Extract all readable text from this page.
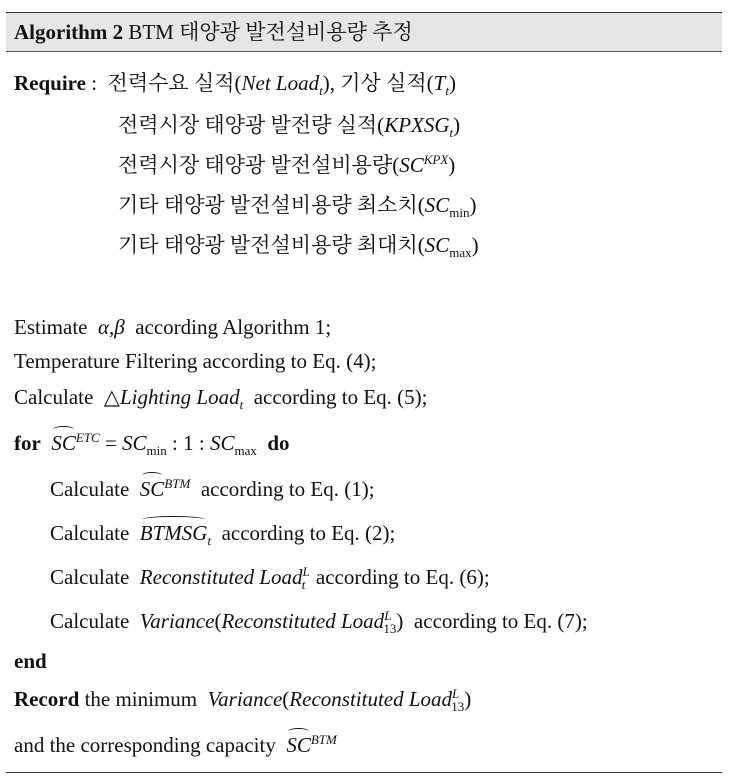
Algorithm 2 BTM 태양광 발전설비용량 추정
Require : 전력수요 실적(Net Load$_t$), 기상 실적$(T_t)$
전력시장 태양광 발전량 실적$(KPXSG_t)$
전력시장 태양광 발전설비용량$(SC^{KPX})$
기타 태양광 발전설비용량 최소치$(SC_{min})$
기타 태양광 발전설비용량 최대치$(SC_{max})$
Estimate α,β according Algorithm 1;
Temperature Filtering according to Eq. (4);
Calculate △Lighting Load$_t$ according to Eq. (5);
for $SC^{ETC} = SC_{min}$ : 1 : $SC_{max}$ do
Calculate $SC^{BTM}$ according to Eq. (1);
Calculate $BTMSG_t$ according to Eq. (2);
Calculate Reconstituted Load$^L_t$ according to Eq. (6);
Calculate Variance(Reconstituted Load$^L_{13}$)  according to Eq. (7);
end
Record the minimum Variance(Reconstituted Load$^L_{13}$)
and the corresponding capacity $SC^{BTM}$
